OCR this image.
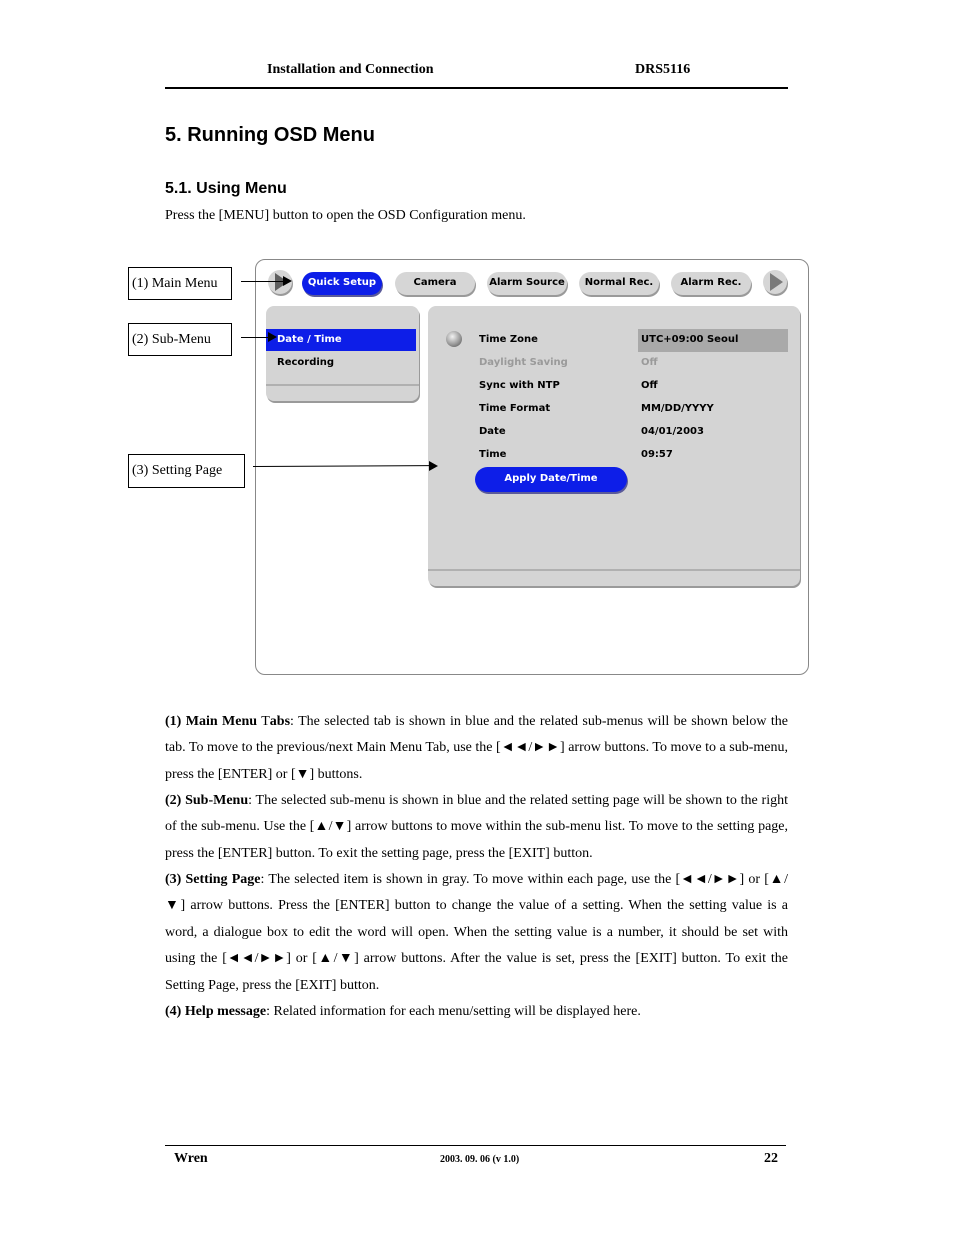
Installation and Connection	DRS5116
5. Running OSD Menu
5.1. Using Menu
Press the [MENU] button to open the OSD Configuration menu.
Quick Setup	Camera	Alarm Source	Normal Rec.	Alarm Rec.
Date / Time
Recording
Time Zone	UTC+09:00 Seoul
Daylight Saving	Off
Sync with NTP	Off
Time Format	MM/DD/YYYY
Date	04/01/2003
Time	09:57
Apply Date/Time
(1) Main Menu
(2) Sub-Menu
(3) Setting Page
(1) Main Menu Tabs: The selected tab is shown in blue and the related sub-menus will be shown below the tab. To move to the previous/next Main Menu Tab, use the [◄◄/►►] arrow buttons. To move to a sub-menu, press the [ENTER] or [▼] buttons.
(2) Sub-Menu: The selected sub-menu is shown in blue and the related setting page will be shown to the right of the sub-menu. Use the [▲/▼] arrow buttons to move within the sub-menu list. To move to the setting page, press the [ENTER] button. To exit the setting page, press the [EXIT] button.
(3) Setting Page: The selected item is shown in gray. To move within each page, use the [◄◄/►►] or [▲/▼] arrow buttons. Press the [ENTER] button to change the value of a setting. When the setting value is a word, a dialogue box to edit the word will open. When the setting value is a number, it should be set with using the [◄◄/►►] or [▲/▼] arrow buttons. After the value is set, press the [EXIT] button. To exit the Setting Page, press the [EXIT] button.
(4) Help message: Related information for each menu/setting will be displayed here.
Wren	2003. 09. 06 (v 1.0)	22
